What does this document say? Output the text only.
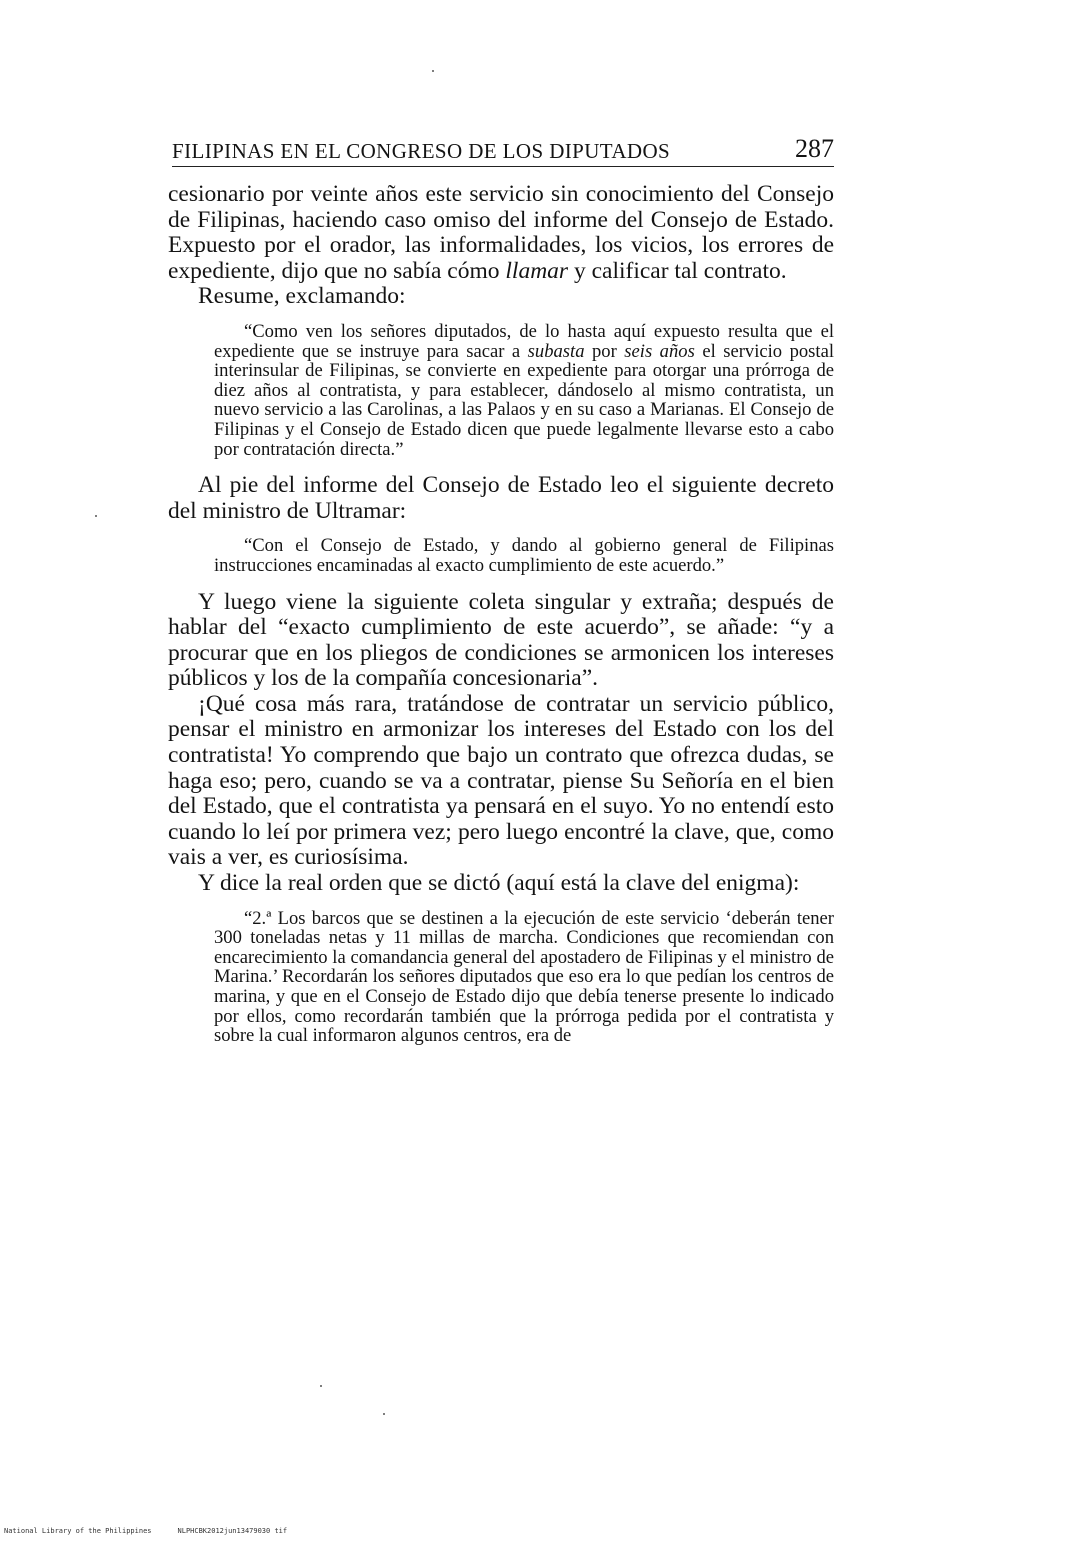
FILIPINAS EN EL CONGRESO DE LOS DIPUTADOS	287

cesionario por veinte años este servicio sin conocimiento del Consejo de Filipinas, haciendo caso omiso del informe del Consejo de Estado. Expuesto por el orador, las informalidades, los vicios, los errores de expediente, dijo que no sabía cómo llamar y calificar tal contrato.

Resume, exclamando:

“Como ven los señores diputados, de lo hasta aquí expuesto resulta que el expediente que se instruye para sacar a subasta por seis años el servicio postal interinsular de Filipinas, se convierte en expediente para otorgar una prórroga de diez años al contratista, y para establecer, dándoselo al mismo contratista, un nuevo servicio a las Carolinas, a las Palaos y en su caso a Marianas. El Consejo de Filipinas y el Consejo de Estado dicen que puede legalmente llevarse esto a cabo por contratación directa.”

Al pie del informe del Consejo de Estado leo el siguiente decreto del ministro de Ultramar:

“Con el Consejo de Estado, y dando al gobierno general de Filipinas instrucciones encaminadas al exacto cumplimiento de este acuerdo.”

Y luego viene la siguiente coleta singular y extraña; después de hablar del “exacto cumplimiento de este acuerdo”, se añade: “y a procurar que en los pliegos de condiciones se armonicen los intereses públicos y los de la compañía concesionaria”.

¡Qué cosa más rara, tratándose de contratar un servicio público, pensar el ministro en armonizar los intereses del Estado con los del contratista! Yo comprendo que bajo un contrato que ofrezca dudas, se haga eso; pero, cuando se va a contratar, piense Su Señoría en el bien del Estado, que el contratista ya pensará en el suyo. Yo no entendí esto cuando lo leí por primera vez; pero luego encontré la clave, que, como vais a ver, es curiosísima.

Y dice la real orden que se dictó (aquí está la clave del enigma):

“2.ª Los barcos que se destinen a la ejecución de este servicio ‘deberán tener 300 toneladas netas y 11 millas de marcha. Condiciones que recomiendan con encarecimiento la comandancia general del apostadero de Filipinas y el ministro de Marina.’ Recordarán los señores diputados que eso era lo que pedían los centros de marina, y que en el Consejo de Estado dijo que debía tenerse presente lo indicado por ellos, como recordarán también que la prórroga pedida por el contratista y sobre la cual informaron algunos centros, era de

National Library of the Philippines	NLPHCBK2012jun13479030 tif
